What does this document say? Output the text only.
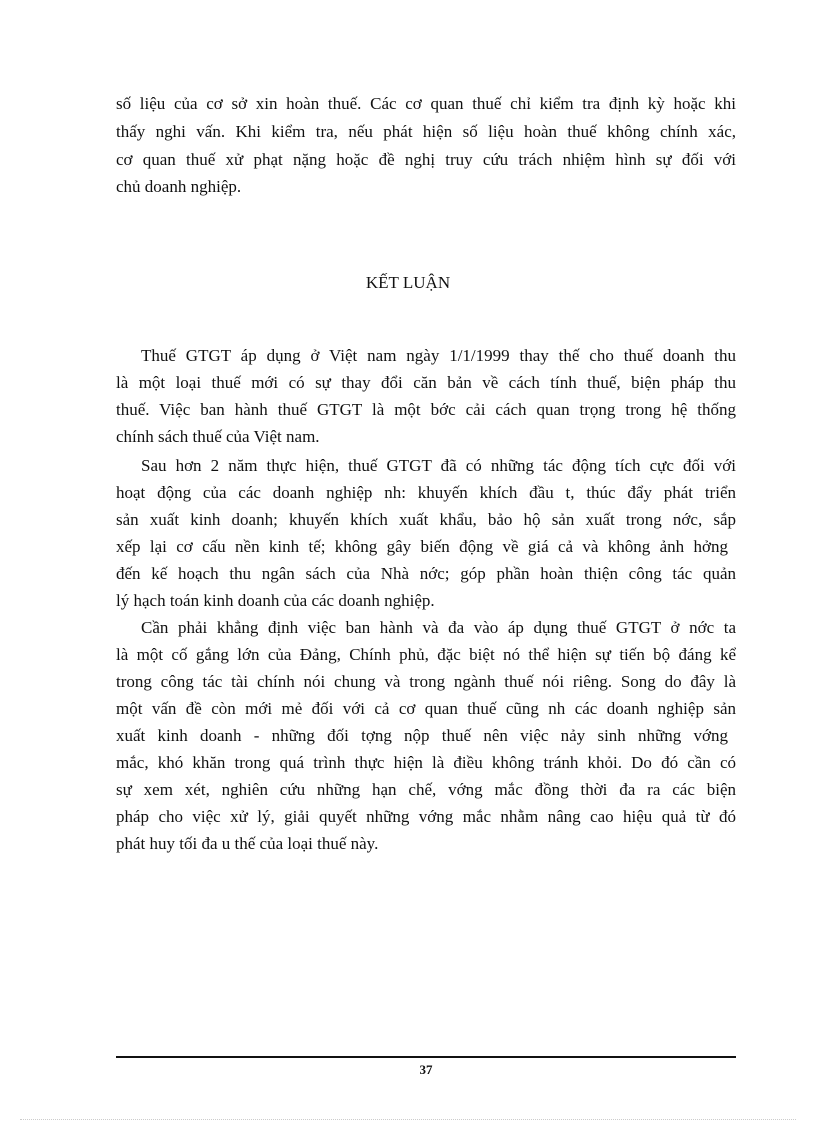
số liệu của cơ sở xin hoàn thuế. Các cơ quan thuế chỉ kiểm tra định kỳ hoặc khi
thấy nghi vấn. Khi kiểm tra, nếu phát hiện số liệu hoàn thuế không chính xác,
cơ quan thuế xử phạt nặng hoặc đề nghị truy cứu trách nhiệm hình sự đối với
chủ doanh nghiệp.
KẾT LUẬN
Thuế GTGT áp dụng ở Việt nam ngày 1/1/1999 thay thế cho thuế doanh thu
là một loại thuế mới có sự thay đổi căn bản về cách tính thuế, biện pháp thu
thuế. Việc ban hành thuế GTGT là một bớc cải cách quan trọng trong hệ thống
chính sách thuế của Việt nam.
Sau hơn 2 năm thực hiện, thuế GTGT đã có những tác động tích cực đối với
hoạt động của các doanh nghiệp nh: khuyến khích đầu t, thúc đẩy phát triển
sản xuất kinh doanh; khuyến khích xuất khẩu, bảo hộ sản xuất trong nớc, sắp
xếp lại cơ cấu nền kinh tế; không gây biến động về giá cả và không ảnh hởng
đến kế hoạch thu ngân sách của Nhà nớc; góp phần hoàn thiện công tác quản
lý hạch toán kinh doanh của các doanh nghiệp.
Cần phải khẳng định việc ban hành và đa vào áp dụng thuế GTGT ở nớc ta
là một cố gắng lớn của Đảng, Chính phủ, đặc biệt nó thể hiện sự tiến bộ đáng kể
trong công tác tài chính nói chung và trong ngành thuế nói riêng. Song do đây là
một vấn đề còn mới mẻ đối với cả cơ quan thuế cũng nh các doanh nghiệp sản
xuất kinh doanh - những đối tợng nộp thuế nên việc nảy sinh những vớng
mắc, khó khăn trong quá trình thực hiện là điều không tránh khỏi. Do đó cần có
sự xem xét, nghiên cứu những hạn chế, vớng mắc đồng thời đa ra các biện
pháp cho việc xử lý, giải quyết những vớng mắc nhằm nâng cao hiệu quả từ đó
phát huy tối đa u thế của loại thuế này.
37
